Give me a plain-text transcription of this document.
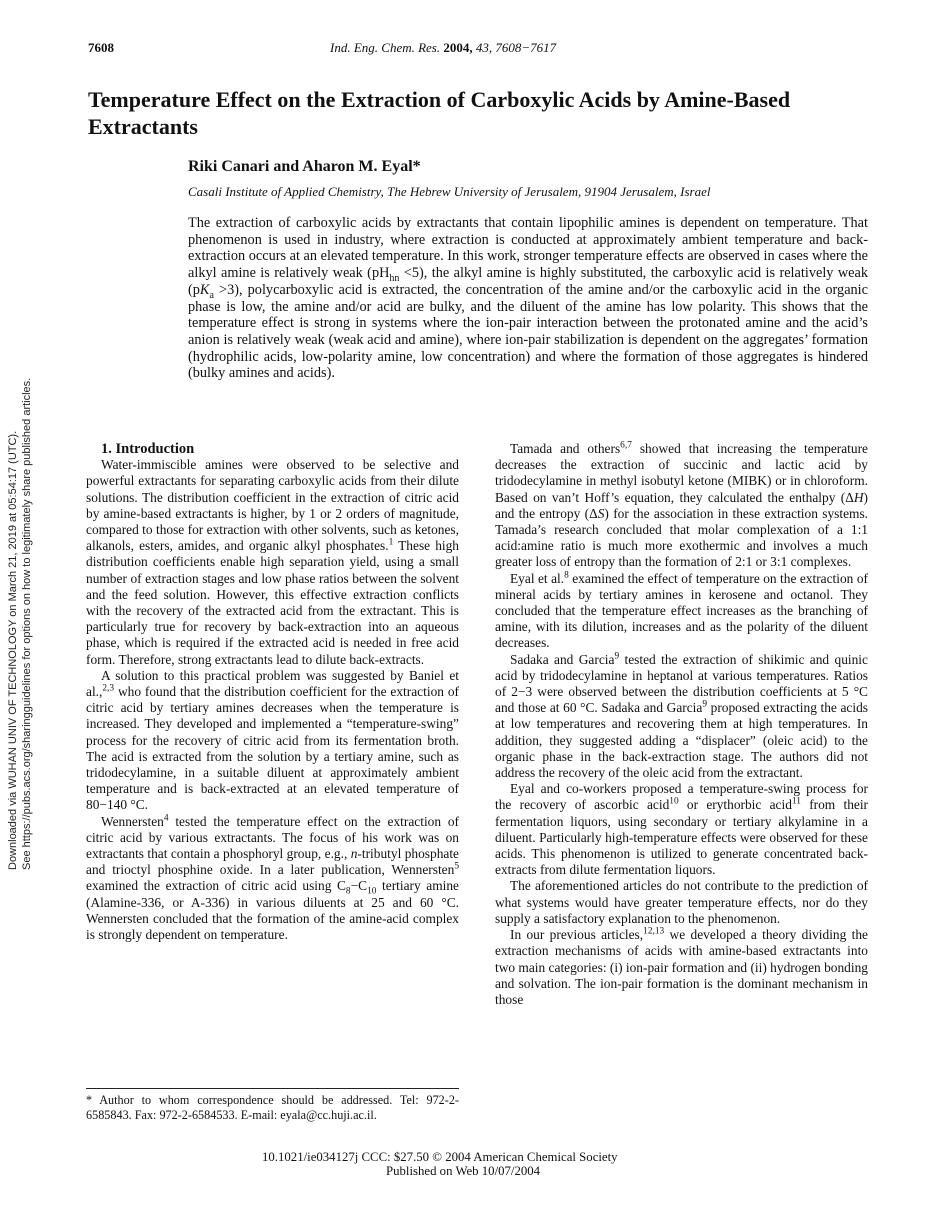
7608	Ind. Eng. Chem. Res. 2004, 43, 7608−7617
Temperature Effect on the Extraction of Carboxylic Acids by Amine-Based Extractants
Riki Canari and Aharon M. Eyal*
Casali Institute of Applied Chemistry, The Hebrew University of Jerusalem, 91904 Jerusalem, Israel
The extraction of carboxylic acids by extractants that contain lipophilic amines is dependent on temperature. That phenomenon is used in industry, where extraction is conducted at approximately ambient temperature and back-extraction occurs at an elevated temperature. In this work, stronger temperature effects are observed in cases where the alkyl amine is relatively weak $(pH_{hn} <5)$, the alkyl amine is highly substituted, the carboxylic acid is relatively weak $(pK_a >3)$, polycarboxylic acid is extracted, the concentration of the amine and/or the carboxylic acid in the organic phase is low, the amine and/or acid are bulky, and the diluent of the amine has low polarity. This shows that the temperature effect is strong in systems where the ion-pair interaction between the protonated amine and the acid’s anion is relatively weak (weak acid and amine), where ion-pair stabilization is dependent on the aggregates’ formation (hydrophilic acids, low-polarity amine, low concentration) and where the formation of those aggregates is hindered (bulky amines and acids).

1. Introduction

Water-immiscible amines were observed to be selective and powerful extractants for separating carboxylic acids from their dilute solutions. The distribution coefficient in the extraction of citric acid by amine-based extractants is higher, by 1 or 2 orders of magnitude, compared to those for extraction with other solvents, such as ketones, alkanols, esters, amides, and organic alkyl phosphates.$^1$ These high distribution coefficients enable high separation yield, using a small number of extraction stages and low phase ratios between the solvent and the feed solution. However, this effective extraction conflicts with the recovery of the extracted acid from the extractant. This is particularly true for recovery by back-extraction into an aqueous phase, which is required if the extracted acid is needed in free acid form. Therefore, strong extractants lead to dilute back-extracts.

A solution to this practical problem was suggested by Baniel et al.,$^{2,3}$ who found that the distribution coefficient for the extraction of citric acid by tertiary amines decreases when the temperature is increased. They developed and implemented a “temperature-swing” process for the recovery of citric acid from its fermentation broth. The acid is extracted from the solution by a tertiary amine, such as tridodecylamine, in a suitable diluent at approximately ambient temperature and is back-extracted at an elevated temperature of 80−140 °C.

Wennersten$^4$ tested the temperature effect on the extraction of citric acid by various extractants. The focus of his work was on extractants that contain a phosphoryl group, e.g., n-tributyl phosphate and trioctyl phosphine oxide. In a later publication, Wennersten$^5$ examined the extraction of citric acid using $C_8-C_{10}$ tertiary amine (Alamine-336, or A-336) in various diluents at 25 and 60 °C. Wennersten concluded that the formation of the amine-acid complex is strongly dependent on temperature.

* Author to whom correspondence should be addressed. Tel: 972-2-6585843. Fax: 972-2-6584533. E-mail: eyala@cc.huji.ac.il.

Tamada and others$^{6,7}$ showed that increasing the temperature decreases the extraction of succinic and lactic acid by tridodecylamine in methyl isobutyl ketone (MIBK) or in chloroform. Based on van’t Hoff’s equation, they calculated the enthalpy (ΔH) and the entropy (ΔS) for the association in these extraction systems. Tamada’s research concluded that molar complexation of a 1:1 acid:amine ratio is much more exothermic and involves a much greater loss of entropy than the formation of 2:1 or 3:1 complexes.

Eyal et al.$^8$ examined the effect of temperature on the extraction of mineral acids by tertiary amines in kerosene and octanol. They concluded that the temperature effect increases as the branching of amine, with its dilution, increases and as the polarity of the diluent decreases.

Sadaka and Garcia$^9$ tested the extraction of shikimic and quinic acid by tridodecylamine in heptanol at various temperatures. Ratios of 2−3 were observed between the distribution coefficients at 5 °C and those at 60 °C. Sadaka and Garcia$^9$ proposed extracting the acids at low temperatures and recovering them at high temperatures. In addition, they suggested adding a “displacer” (oleic acid) to the organic phase in the back-extraction stage. The authors did not address the recovery of the oleic acid from the extractant.

Eyal and co-workers proposed a temperature-swing process for the recovery of ascorbic acid$^{10}$ or erythorbic acid$^{11}$ from their fermentation liquors, using secondary or tertiary alkylamine in a diluent. Particularly high-temperature effects were observed for these acids. This phenomenon is utilized to generate concentrated back-extracts from dilute fermentation liquors.

The aforementioned articles do not contribute to the prediction of what systems would have greater temperature effects, nor do they supply a satisfactory explanation to the phenomenon.

In our previous articles,$^{12,13}$ we developed a theory dividing the extraction mechanisms of acids with amine-based extractants into two main categories: (i) ion-pair formation and (ii) hydrogen bonding and solvation. The ion-pair formation is the dominant mechanism in those

10.1021/ie034127j CCC: $27.50 © 2004 American Chemical Society
Published on Web 10/07/2004
Downloaded via WUHAN UNIV OF TECHNOLOGY on March 21, 2019 at 05:54:17 (UTC). See https://pubs.acs.org/sharingguidelines for options on how to legitimately share published articles.
